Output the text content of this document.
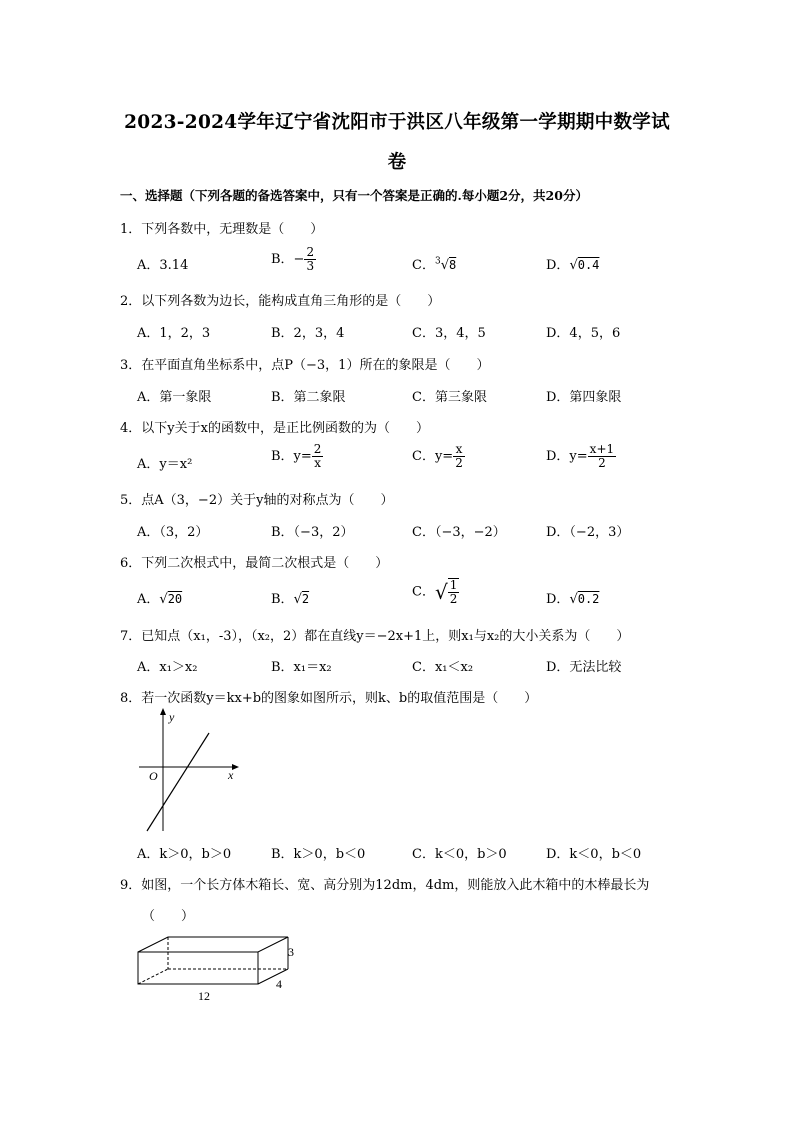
2023-2024学年辽宁省沈阳市于洪区八年级第一学期期中数学试
卷
一、选择题（下列各题的备选答案中，只有一个答案是正确的.每小题2分，共20分）
1．下列各数中，无理数是（　　）
A．3.14	B．− $\frac{2}{3}$	C．$^3$√8	D．√0.4
2．以下列各数为边长，能构成直角三角形的是（　　）
A．1，2，3	B．2，3，4	C．3，4，5	D．4，5，6
3．在平面直角坐标系中，点P（−3，1）所在的象限是（　　）
A．第一象限	B．第二象限	C．第三象限	D．第四象限
4．以下y关于x的函数中，是正比例函数的为（　　）
A．y＝x²
B．$y= \frac{2}{x}$	C．$y= \frac{x}{2}$	D．$y= \frac{x+1}{2}$
5．点A（3，−2）关于y轴的对称点为（　　）
A．（3，2）	B．（−3，2）	C．（−3，−2）	D．（−2，3）
6．下列二次根式中，最简二次根式是（　　）
A．√20	B．√2	C．√ $\frac{1}{2}$	D．√0.2
7．已知点（x₁，-3），（x₂，2）都在直线y＝−2x+1上，则x₁与x₂的大小关系为（　　）
A．x₁＞x₂	B．x₁＝x₂	C．x₁＜x₂	D．无法比较
8．若一次函数y＝kx+b的图象如图所示，则k、b的取值范围是（　　）
y
x
O
A．k＞0，b＞0	B．k＞0，b＜0	C．k＜0，b＞0	D．k＜0，b＜0
9．如图，一个长方体木箱长、宽、高分别为12dm，4dm，则能放入此木箱中的木棒最长为
（　　）
3
4
12
